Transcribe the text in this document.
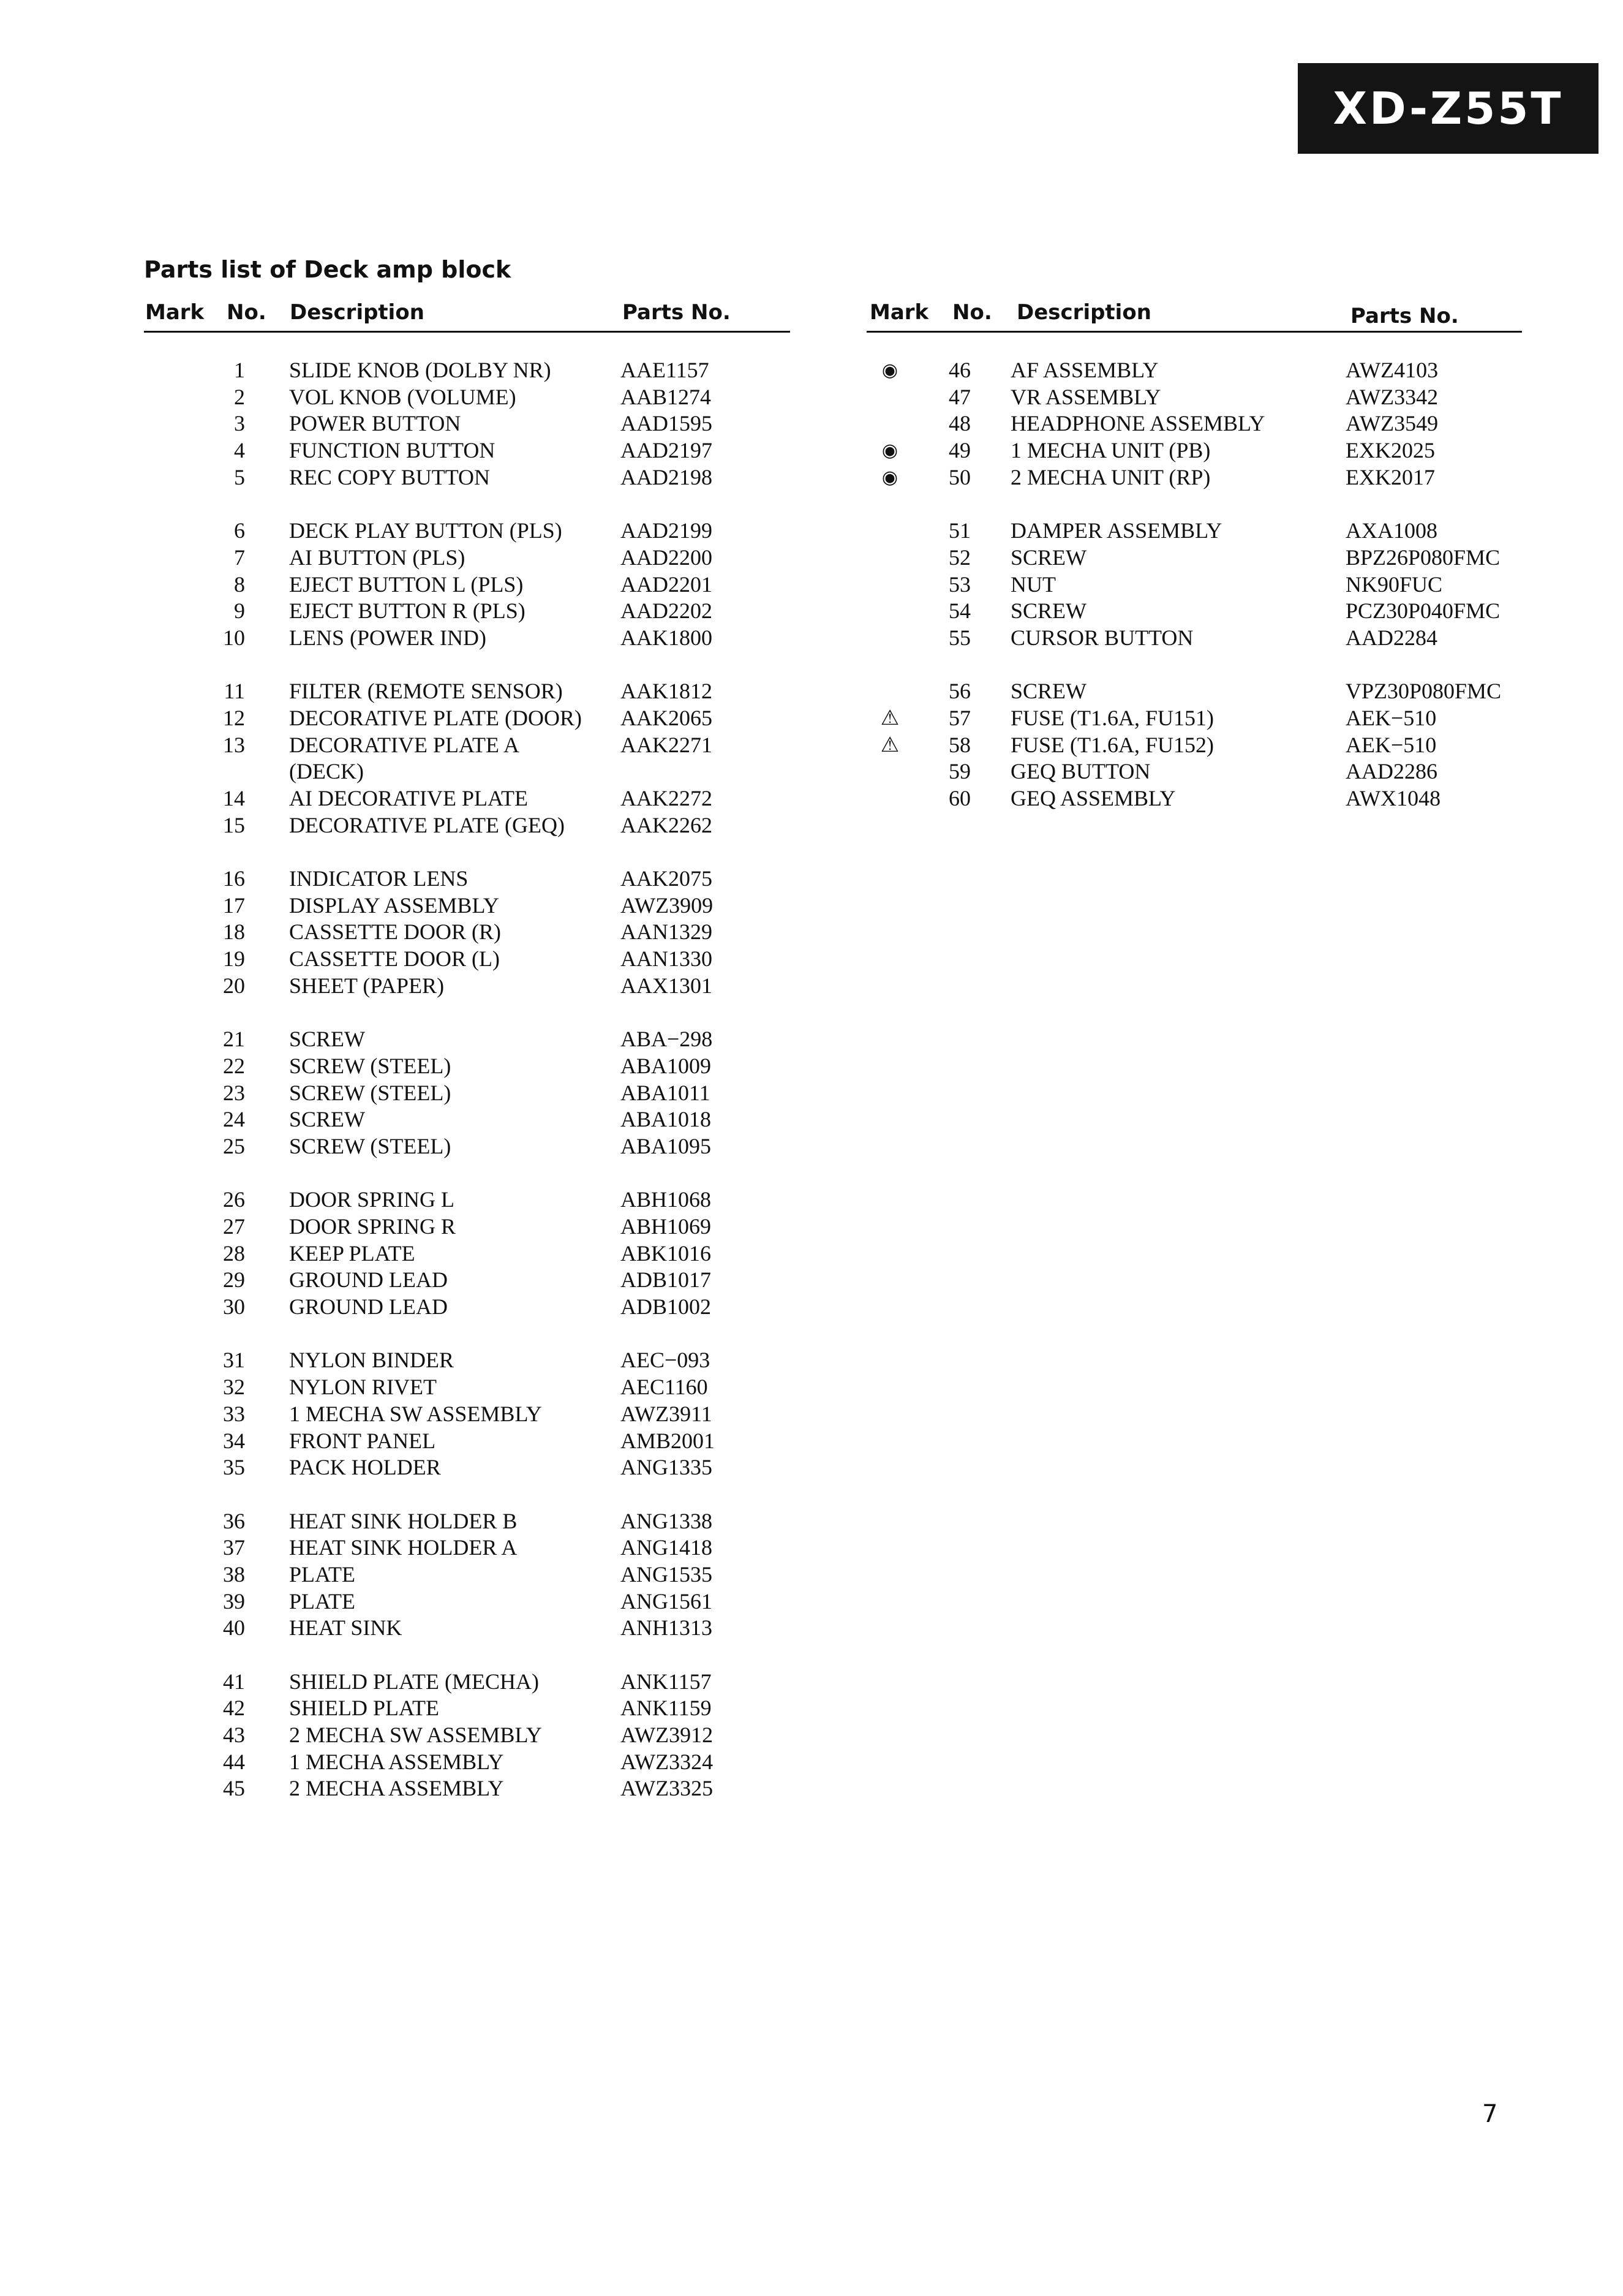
XD-Z55T
Parts list of Deck amp block
Mark No. Description	Parts No.
1 SLIDE KNOB (DOLBY NR)	AAE1157
2 VOL KNOB (VOLUME)	AAB1274
3 POWER BUTTON	AAD1595
4 FUNCTION BUTTON	AAD2197
5 REC COPY BUTTON	AAD2198
6 DECK PLAY BUTTON (PLS)	AAD2199
7 AI BUTTON (PLS)	AAD2200
8 EJECT BUTTON L (PLS)	AAD2201
9 EJECT BUTTON R (PLS)	AAD2202
10 LENS (POWER IND)	AAK1800
11 FILTER (REMOTE SENSOR)	AAK1812
12 DECORATIVE PLATE (DOOR) AAK2065
13 DECORATIVE PLATE A	AAK2271
(DECK)
14 AI DECORATIVE PLATE	AAK2272
15 DECORATIVE PLATE (GEQ)	AAK2262
16 INDICATOR LENS	AAK2075
17 DISPLAY ASSEMBLY	AWZ3909
18 CASSETTE DOOR (R)	AAN1329
19 CASSETTE DOOR (L)	AAN1330
20 SHEET (PAPER)	AAX1301
21 SCREW	ABA−298
22 SCREW (STEEL)	ABA1009
23 SCREW (STEEL)	ABA1011
24 SCREW	ABA1018
25 SCREW (STEEL)	ABA1095
26 DOOR SPRING L	ABH1068
27 DOOR SPRING R	ABH1069
28 KEEP PLATE	ABK1016
29 GROUND LEAD	ADB1017
30 GROUND LEAD	ADB1002
31 NYLON BINDER	AEC−093
32 NYLON RIVET	AEC1160
33 1 MECHA SW ASSEMBLY	AWZ3911
34 FRONT PANEL	AMB2001
35 PACK HOLDER	ANG1335
36 HEAT SINK HOLDER B	ANG1338
37 HEAT SINK HOLDER A	ANG1418
38 PLATE	ANG1535
39 PLATE	ANG1561
40 HEAT SINK	ANH1313
41 SHIELD PLATE (MECHA)	ANK1157
42 SHIELD PLATE	ANK1159
43 2 MECHA SW ASSEMBLY	AWZ3912
44 1 MECHA ASSEMBLY	AWZ3324
45 2 MECHA ASSEMBLY	AWZ3325
Mark No. Description	Parts No.
◉	46 AF ASSEMBLY	AWZ4103
47 VR ASSEMBLY	AWZ3342
48 HEADPHONE ASSEMBLY	AWZ3549
◉	49 1 MECHA UNIT (PB)	EXK2025
◉	50 2 MECHA UNIT (RP)	EXK2017
51 DAMPER ASSEMBLY	AXA1008
52 SCREW	BPZ26P080FMC
53 NUT	NK90FUC
54 SCREW	PCZ30P040FMC
55 CURSOR BUTTON	AAD2284
56 SCREW	VPZ30P080FMC
⚠	57 FUSE (T1.6A, FU151)	AEK−510
⚠	58 FUSE (T1.6A, FU152)	AEK−510
59 GEQ BUTTON	AAD2286
60 GEQ ASSEMBLY	AWX1048
7
